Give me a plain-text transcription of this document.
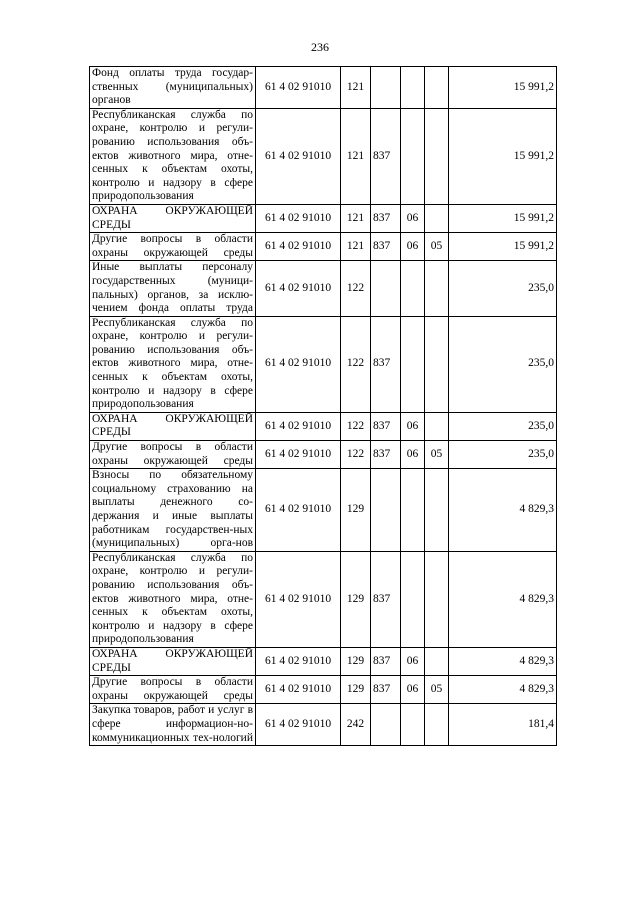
236
Фонд оплаты труда государ-ственных (муниципальных) органов	61 4 02 91010	121				15 991,2
Республиканская служба по охране, контролю и регули-рованию использования объ-ектов животного мира, отне-сенных к объектам охоты, контролю и надзору в сфере природопользования	61 4 02 91010	121	837			15 991,2
ОХРАНА ОКРУЖАЮЩЕЙ СРЕДЫ	61 4 02 91010	121	837	06		15 991,2
Другие вопросы в области охраны окружающей среды	61 4 02 91010	121	837	06	05	15 991,2
Иные выплаты персоналу государственных (муници-пальных) органов, за исклю-чением фонда оплаты труда	61 4 02 91010	122				235,0
Республиканская служба по охране, контролю и регули-рованию использования объ-ектов животного мира, отне-сенных к объектам охоты, контролю и надзору в сфере природопользования	61 4 02 91010	122	837			235,0
ОХРАНА ОКРУЖАЮЩЕЙ СРЕДЫ	61 4 02 91010	122	837	06		235,0
Другие вопросы в области охраны окружающей среды	61 4 02 91010	122	837	06	05	235,0
Взносы по обязательному социальному страхованию на выплаты денежного со-держания и иные выплаты работникам государствен-ных (муниципальных) орга-нов	61 4 02 91010	129				4 829,3
Республиканская служба по охране, контролю и регули-рованию использования объ-ектов животного мира, отне-сенных к объектам охоты, контролю и надзору в сфере природопользования	61 4 02 91010	129	837			4 829,3
ОХРАНА ОКРУЖАЮЩЕЙ СРЕДЫ	61 4 02 91010	129	837	06		4 829,3
Другие вопросы в области охраны окружающей среды	61 4 02 91010	129	837	06	05	4 829,3
Закупка товаров, работ и услуг в сфере информацион-но-коммуникационных тех-нологий	61 4 02 91010	242				181,4
